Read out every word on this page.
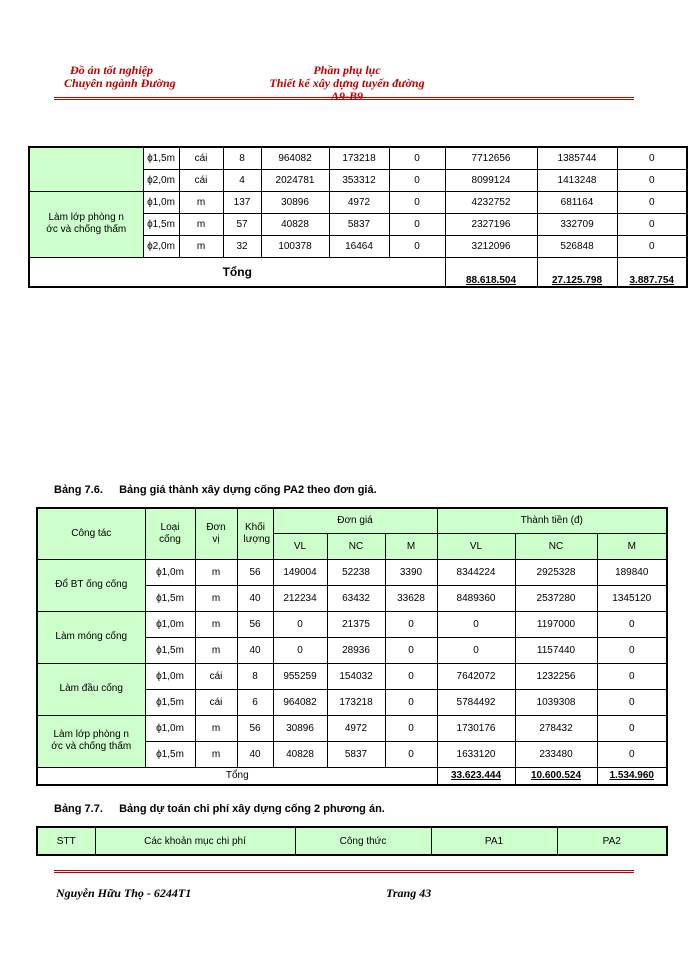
Đồ án tốt nghiệp
Chuyên ngành Đường
Phần phụ lục
Thiết kế xây dựng tuyến đường A9-B9
	ϕ1,5m	cái	8	964082	173218	0	7712656	1385744	0
	ϕ2,0m	cái	4	2024781	353312	0	8099124	1413248	0
Làm lớp phòng n ớc và chống thấm	ϕ1,0m	m	137	30896	4972	0	4232752	681164	0
	ϕ1,5m	m	57	40828	5837	0	2327196	332709	0
	ϕ2,0m	m	32	100378	16464	0	3212096	526848	0
Tổng							88.618.504	27.125.798	3.887.754
Bảng 7.6. Bảng giá thành xây dựng cống PA2 theo đơn giá.
Công tác	Loại cống	Đơn vị	Khối lượng	Đơn giá			Thành tiền (đ)		
				VL	NC	M	VL	NC	M
Đổ BT ống cống	ϕ1,0m	m	56	149004	52238	3390	8344224	2925328	189840
	ϕ1,5m	m	40	212234	63432	33628	8489360	2537280	1345120
Làm móng cống	ϕ1,0m	m	56	0	21375	0	0	1197000	0
	ϕ1,5m	m	40	0	28936	0	0	1157440	0
Làm đầu cống	ϕ1,0m	cái	8	955259	154032	0	7642072	1232256	0
	ϕ1,5m	cái	6	964082	173218	0	5784492	1039308	0
Làm lớp phòng n ớc và chống thấm	ϕ1,0m	m	56	30896	4972	0	1730176	278432	0
	ϕ1,5m	m	40	40828	5837	0	1633120	233480	0
Tổng							33.623.444	10.600.524	1.534.960
Bảng 7.7. Bảng dự toán chi phí xây dựng cống 2 phương án.
STT	Các khoản mục chi phí	Công thức	PA1	PA2
Nguyễn Hữu Thọ - 6244T1	Trang 43
